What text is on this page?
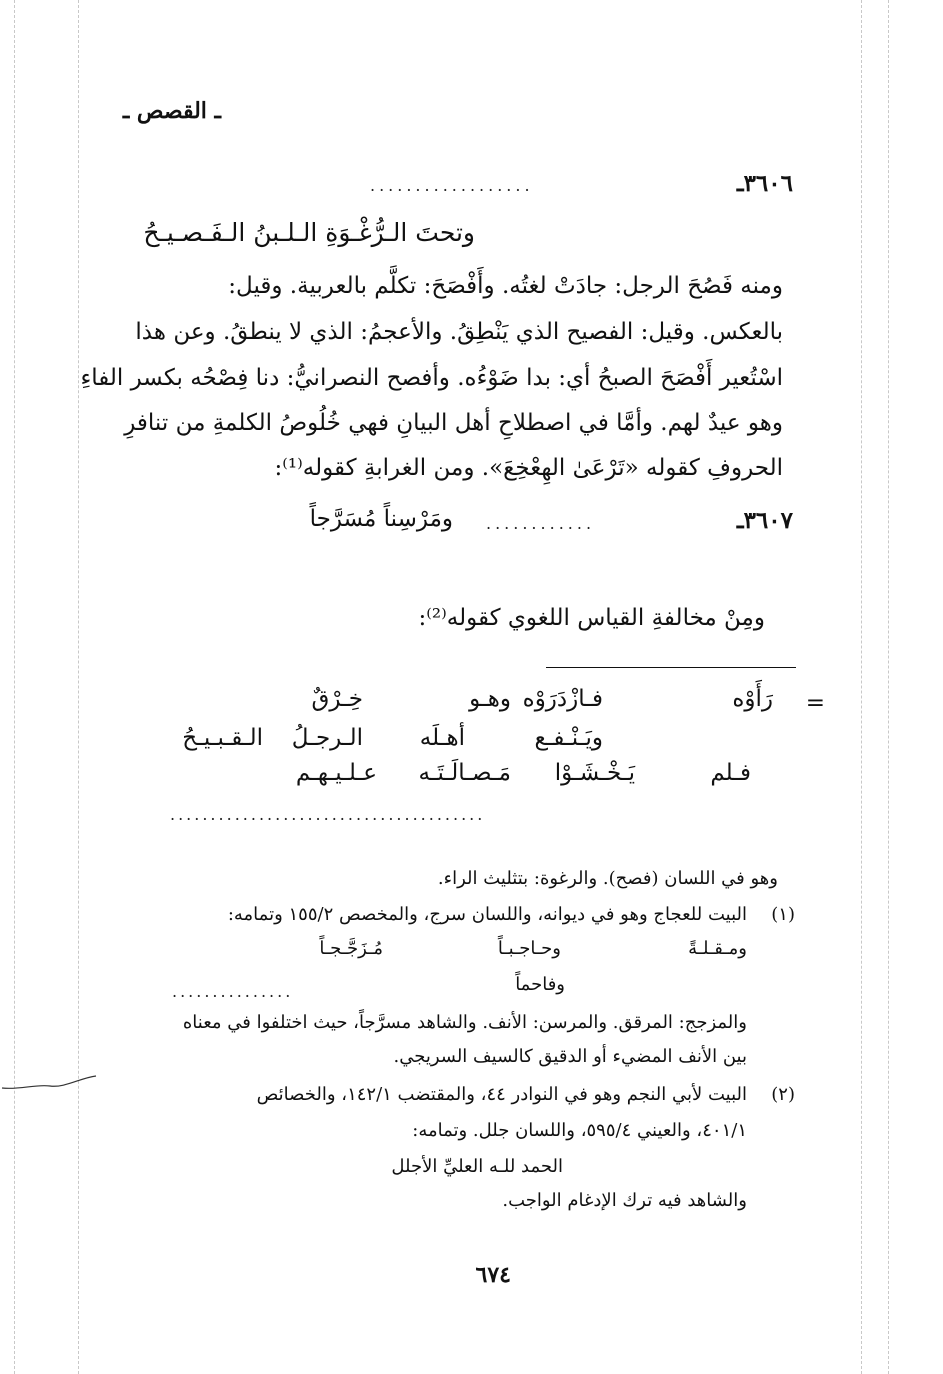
ـ القصص ـ
٣٦٠٦ـ
..................
وتحتَ الـرُّغْـوَةِ الـلـبنُ الـفَـصـيـحُ
ومنه فَصُحَ الرجل: جادَتْ لغتُه. وأَفْصَحَ: تكلَّم بالعربية. وقيل:
بالعكس. وقيل: الفصيح الذي يَنْطِقُ. والأعجمُ: الذي لا ينطقُ. وعن هذا
اسْتُعير أَفْصَحَ الصبحُ أي: بدا ضَوْءُه. وأفصح النصرانيُّ: دنا فِصْحُه بكسر الفاءِ
وهو عيدٌ لهم. وأمَّا في اصطلاحِ أهل البيانِ فهي خُلُوصُ الكلمةِ من تنافرِ
الحروفِ كقوله «تَرْعَىٰ الهِعْخِعَ». ومن الغرابةِ كقوله⁽¹⁾:
٣٦٠٧ـ
............
ومَرْسِناً مُسَرَّجاً
ومِنْ مخالفةِ القياس اللغوي كقوله⁽²⁾:
=
رَأَوْه
فـازْدَرَوْه
وهـو
خِـرْقٌ
ويَـنْـفـع
أهـلَه
الـرجـلُ
الـقـبـيـحُ
فـلم
يَـخْـشَـوْا
مَـصـالَـتَـه
عـلـيـهـم
.......................................
وهو في اللسان (فصح). والرغوة: بتثليث الراء.
(١)
البيت للعجاج وهو في ديوانه، واللسان سرج، والمخصص ١٥٥/٢ وتمامه:
ومـقـلـةً
وحـاجـبـاً
مُـزَجَّـجـاً
وفاحماً
...............
والمزجج: المرقق. والمرسن: الأنف. والشاهد مسرَّجاً، حيث اختلفوا في معناه
بين الأنف المضيء أو الدقيق كالسيف السريجي.
(٢)
البيت لأبي النجم وهو في النوادر ٤٤، والمقتضب ١٤٢/١، والخصائص
٤٠١/١، والعيني ٥٩٥/٤، واللسان جلل. وتمامه:
الحمد للـه العليِّ الأجلل
والشاهد فيه ترك الإدغام الواجب.
٦٧٤
